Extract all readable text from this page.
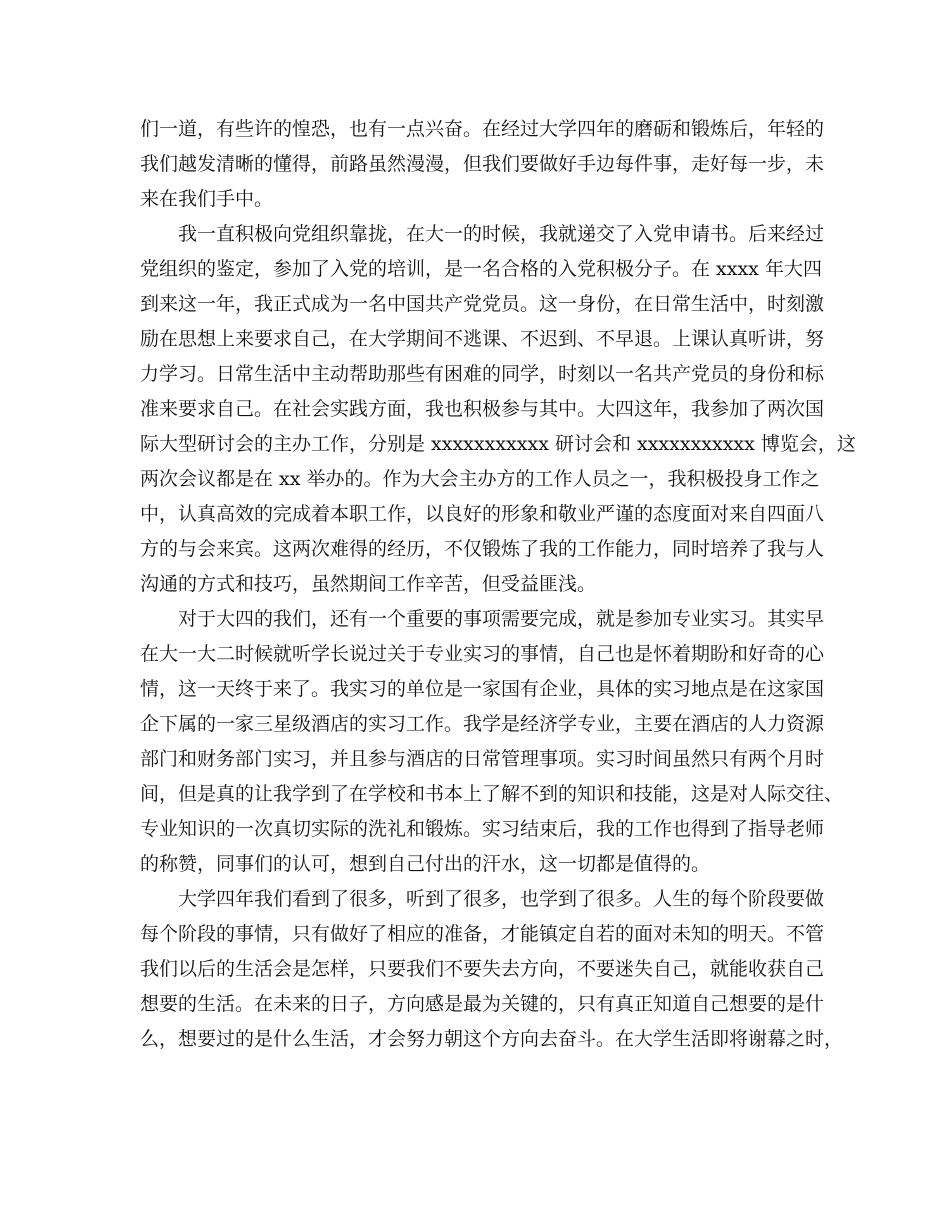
们一道，有些许的惶恐，也有一点兴奋。在经过大学四年的磨砺和锻炼后，年轻的
我们越发清晰的懂得，前路虽然漫漫，但我们要做好手边每件事，走好每一步，未
来在我们手中。
我一直积极向党组织靠拢，在大一的时候，我就递交了入党申请书。后来经过
党组织的鉴定，参加了入党的培训，是一名合格的入党积极分子。在 xxxx 年大四
到来这一年，我正式成为一名中国共产党党员。这一身份，在日常生活中，时刻激
励在思想上来要求自己，在大学期间不逃课、不迟到、不早退。上课认真听讲，努
力学习。日常生活中主动帮助那些有困难的同学，时刻以一名共产党员的身份和标
准来要求自己。在社会实践方面，我也积极参与其中。大四这年，我参加了两次国
际大型研讨会的主办工作，分别是 xxxxxxxxxxx 研讨会和 xxxxxxxxxxx 博览会，这
两次会议都是在 xx 举办的。作为大会主办方的工作人员之一，我积极投身工作之
中，认真高效的完成着本职工作，以良好的形象和敬业严谨的态度面对来自四面八
方的与会来宾。这两次难得的经历，不仅锻炼了我的工作能力，同时培养了我与人
沟通的方式和技巧，虽然期间工作辛苦，但受益匪浅。
对于大四的我们，还有一个重要的事项需要完成，就是参加专业实习。其实早
在大一大二时候就听学长说过关于专业实习的事情，自己也是怀着期盼和好奇的心
情，这一天终于来了。我实习的单位是一家国有企业，具体的实习地点是在这家国
企下属的一家三星级酒店的实习工作。我学是经济学专业，主要在酒店的人力资源
部门和财务部门实习，并且参与酒店的日常管理事项。实习时间虽然只有两个月时
间，但是真的让我学到了在学校和书本上了解不到的知识和技能，这是对人际交往、
专业知识的一次真切实际的洗礼和锻炼。实习结束后，我的工作也得到了指导老师
的称赞，同事们的认可，想到自己付出的汗水，这一切都是值得的。
大学四年我们看到了很多，听到了很多，也学到了很多。人生的每个阶段要做
每个阶段的事情，只有做好了相应的准备，才能镇定自若的面对未知的明天。不管
我们以后的生活会是怎样，只要我们不要失去方向，不要迷失自己，就能收获自己
想要的生活。在未来的日子，方向感是最为关键的，只有真正知道自己想要的是什
么，想要过的是什么生活，才会努力朝这个方向去奋斗。在大学生活即将谢幕之时，
